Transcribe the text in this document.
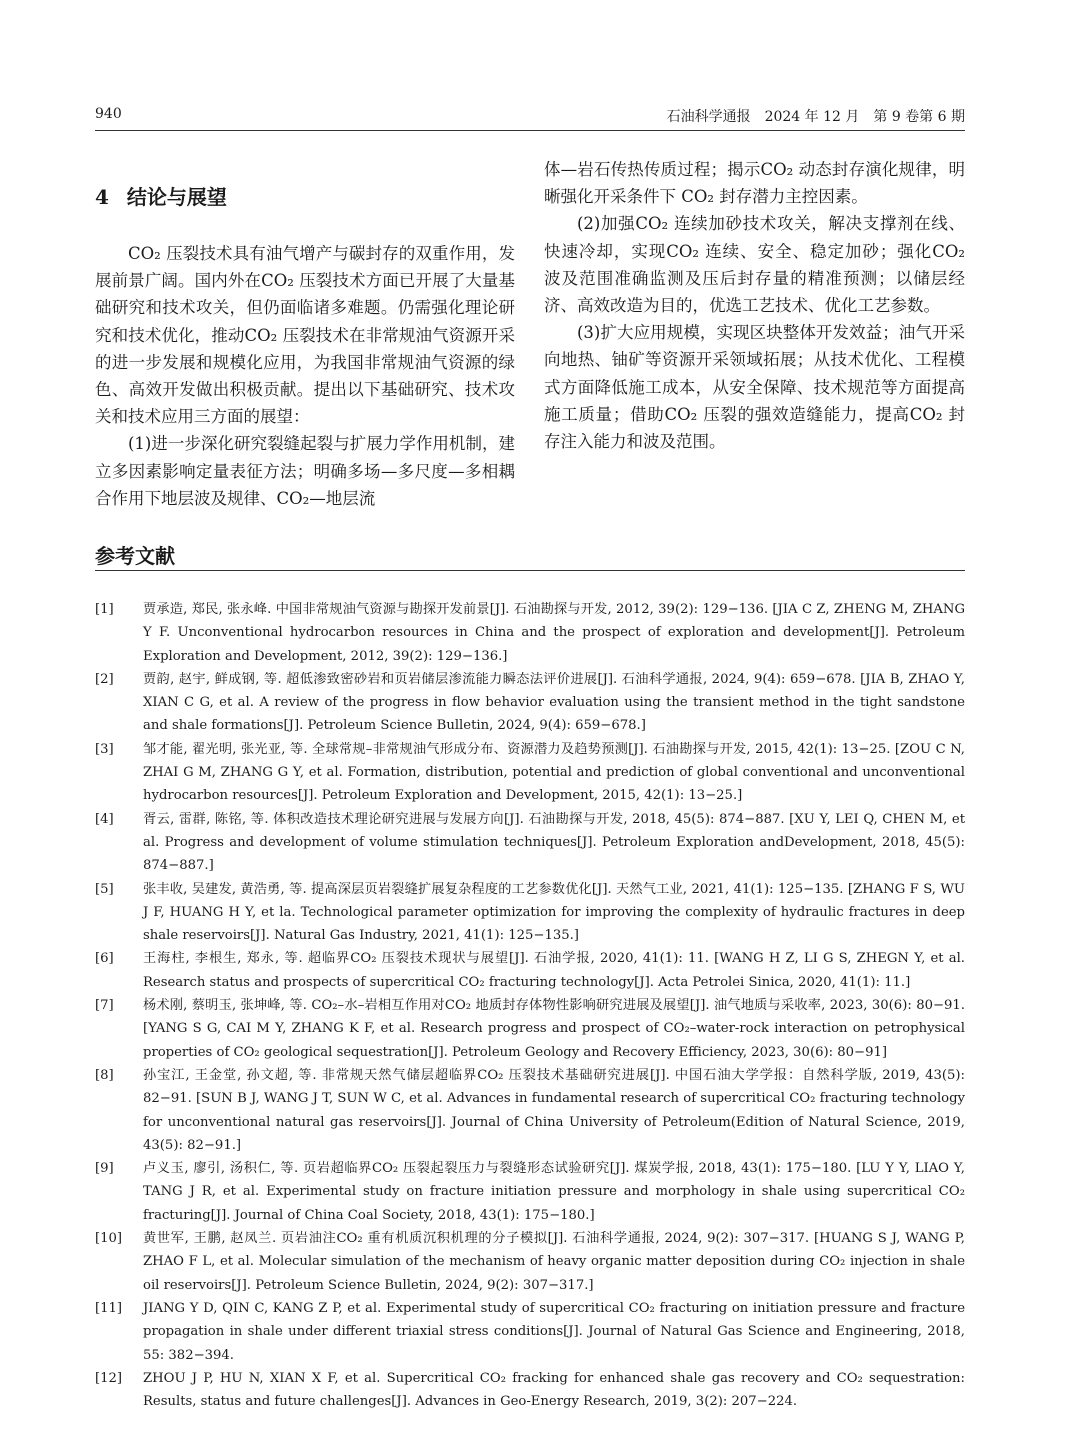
940	石油科学通报　2024 年 12 月　第 9 卷第 6 期
4 结论与展望

CO₂ 压裂技术具有油气增产与碳封存的双重作用，发展前景广阔。国内外在CO₂ 压裂技术方面已开展了大量基础研究和技术攻关，但仍面临诸多难题。仍需强化理论研究和技术优化，推动CO₂ 压裂技术在非常规油气资源开采的进一步发展和规模化应用，为我国非常规油气资源的绿色、高效开发做出积极贡献。提出以下基础研究、技术攻关和技术应用三方面的展望：

(1)进一步深化研究裂缝起裂与扩展力学作用机制，建立多因素影响定量表征方法；明确多场—多尺度—多相耦合作用下地层波及规律、CO₂—地层流

体—岩石传热传质过程；揭示CO₂ 动态封存演化规律，明晰强化开采条件下 CO₂ 封存潜力主控因素。

(2)加强CO₂ 连续加砂技术攻关，解决支撑剂在线、快速冷却，实现CO₂ 连续、安全、稳定加砂；强化CO₂ 波及范围准确监测及压后封存量的精准预测；以储层经济、高效改造为目的，优选工艺技术、优化工艺参数。

(3)扩大应用规模，实现区块整体开发效益；油气开采向地热、铀矿等资源开采领域拓展；从技术优化、工程模式方面降低施工成本，从安全保障、技术规范等方面提高施工质量；借助CO₂ 压裂的强效造缝能力，提高CO₂ 封存注入能力和波及范围。

参考文献
[1] 贾承造, 郑民, 张永峰. 中国非常规油气资源与勘探开发前景[J]. 石油勘探与开发, 2012, 39(2): 129−136. [JIA C Z, ZHENG M, ZHANG Y F. Unconventional hydrocarbon resources in China and the prospect of exploration and development[J]. Petroleum Exploration and Development, 2012, 39(2): 129−136.]
[2] 贾韵, 赵宇, 鲜成钢, 等. 超低渗致密砂岩和页岩储层渗流能力瞬态法评价进展[J]. 石油科学通报, 2024, 9(4): 659−678. [JIA B, ZHAO Y, XIAN C G, et al. A review of the progress in flow behavior evaluation using the transient method in the tight sandstone and shale formations[J]. Petroleum Science Bulletin, 2024, 9(4): 659−678.]
[3] 邹才能, 翟光明, 张光亚, 等. 全球常规–非常规油气形成分布、资源潜力及趋势预测[J]. 石油勘探与开发, 2015, 42(1): 13−25. [ZOU C N, ZHAI G M, ZHANG G Y, et al. Formation, distribution, potential and prediction of global conventional and unconventional hydrocarbon resources[J]. Petroleum Exploration and Development, 2015, 42(1): 13−25.]
[4] 胥云, 雷群, 陈铭, 等. 体积改造技术理论研究进展与发展方向[J]. 石油勘探与开发, 2018, 45(5): 874−887. [XU Y, LEI Q, CHEN M, et al. Progress and development of volume stimulation techniques[J]. Petroleum Exploration andDevelopment, 2018, 45(5): 874−887.]
[5] 张丰收, 吴建发, 黄浩勇, 等. 提高深层页岩裂缝扩展复杂程度的工艺参数优化[J]. 天然气工业, 2021, 41(1): 125−135. [ZHANG F S, WU J F, HUANG H Y, et la. Technological parameter optimization for improving the complexity of hydraulic fractures in deep shale reservoirs[J]. Natural Gas Industry, 2021, 41(1): 125−135.]
[6] 王海柱, 李根生, 郑永, 等. 超临界CO₂ 压裂技术现状与展望[J]. 石油学报, 2020, 41(1): 11. [WANG H Z, LI G S, ZHEGN Y, et al. Research status and prospects of supercritical CO₂ fracturing technology[J]. Acta Petrolei Sinica, 2020, 41(1): 11.]
[7] 杨术刚, 蔡明玉, 张坤峰, 等. CO₂–水–岩相互作用对CO₂ 地质封存体物性影响研究进展及展望[J]. 油气地质与采收率, 2023, 30(6): 80−91. [YANG S G, CAI M Y, ZHANG K F, et al. Research progress and prospect of CO₂–water-rock interaction on petrophysical properties of CO₂ geological sequestration[J]. Petroleum Geology and Recovery Efficiency, 2023, 30(6): 80−91]
[8] 孙宝江, 王金堂, 孙文超, 等. 非常规天然气储层超临界CO₂ 压裂技术基础研究进展[J]. 中国石油大学学报：自然科学版, 2019, 43(5): 82−91. [SUN B J, WANG J T, SUN W C, et al. Advances in fundamental research of supercritical CO₂ fracturing technology for unconventional natural gas reservoirs[J]. Journal of China University of Petroleum(Edition of Natural Science, 2019, 43(5): 82−91.]
[9] 卢义玉, 廖引, 汤积仁, 等. 页岩超临界CO₂ 压裂起裂压力与裂缝形态试验研究[J]. 煤炭学报, 2018, 43(1): 175−180. [LU Y Y, LIAO Y, TANG J R, et al. Experimental study on fracture initiation pressure and morphology in shale using supercritical CO₂ fracturing[J]. Journal of China Coal Society, 2018, 43(1): 175−180.]
[10] 黄世军, 王鹏, 赵凤兰. 页岩油注CO₂ 重有机质沉积机理的分子模拟[J]. 石油科学通报, 2024, 9(2): 307−317. [HUANG S J, WANG P, ZHAO F L, et al. Molecular simulation of the mechanism of heavy organic matter deposition during CO₂ injection in shale oil reservoirs[J]. Petroleum Science Bulletin, 2024, 9(2): 307−317.]
[11] JIANG Y D, QIN C, KANG Z P, et al. Experimental study of supercritical CO₂ fracturing on initiation pressure and fracture propagation in shale under different triaxial stress conditions[J]. Journal of Natural Gas Science and Engineering, 2018, 55: 382−394.
[12] ZHOU J P, HU N, XIAN X F, et al. Supercritical CO₂ fracking for enhanced shale gas recovery and CO₂ sequestration: Results, status and future challenges[J]. Advances in Geo-Energy Research, 2019, 3(2): 207−224.
